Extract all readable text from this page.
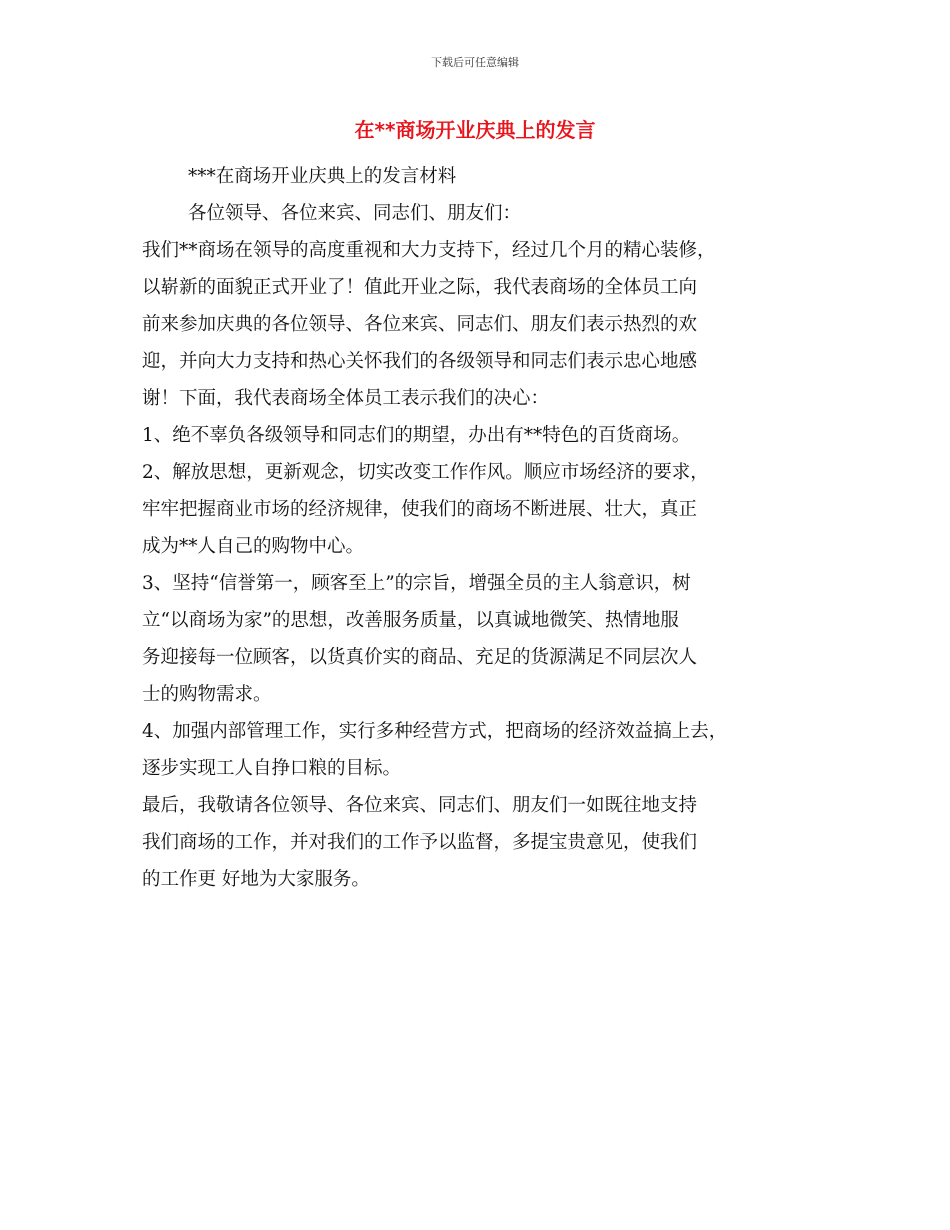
下载后可任意编辑
在**商场开业庆典上的发言
***在商场开业庆典上的发言材料
各位领导、各位来宾、同志们、朋友们：
我们**商场在领导的高度重视和大力支持下，经过几个月的精心装修，
以崭新的面貌正式开业了！值此开业之际，我代表商场的全体员工向
前来参加庆典的各位领导、各位来宾、同志们、朋友们表示热烈的欢
迎，并向大力支持和热心关怀我们的各级领导和同志们表示忠心地感
谢！下面，我代表商场全体员工表示我们的决心：
1、绝不辜负各级领导和同志们的期望，办出有**特色的百货商场。
2、解放思想，更新观念，切实改变工作作风。顺应市场经济的要求，
牢牢把握商业市场的经济规律，使我们的商场不断进展、壮大，真正
成为**人自己的购物中心。
3、坚持“信誉第一，顾客至上”的宗旨，增强全员的主人翁意识，树
立“以商场为家”的思想，改善服务质量，以真诚地微笑、热情地服
务迎接每一位顾客，以货真价实的商品、充足的货源满足不同层次人
士的购物需求。
4、加强内部管理工作，实行多种经营方式，把商场的经济效益搞上去，
逐步实现工人自挣口粮的目标。
最后，我敬请各位领导、各位来宾、同志们、朋友们一如既往地支持
我们商场的工作，并对我们的工作予以监督，多提宝贵意见，使我们
的工作更 好地为大家服务。
